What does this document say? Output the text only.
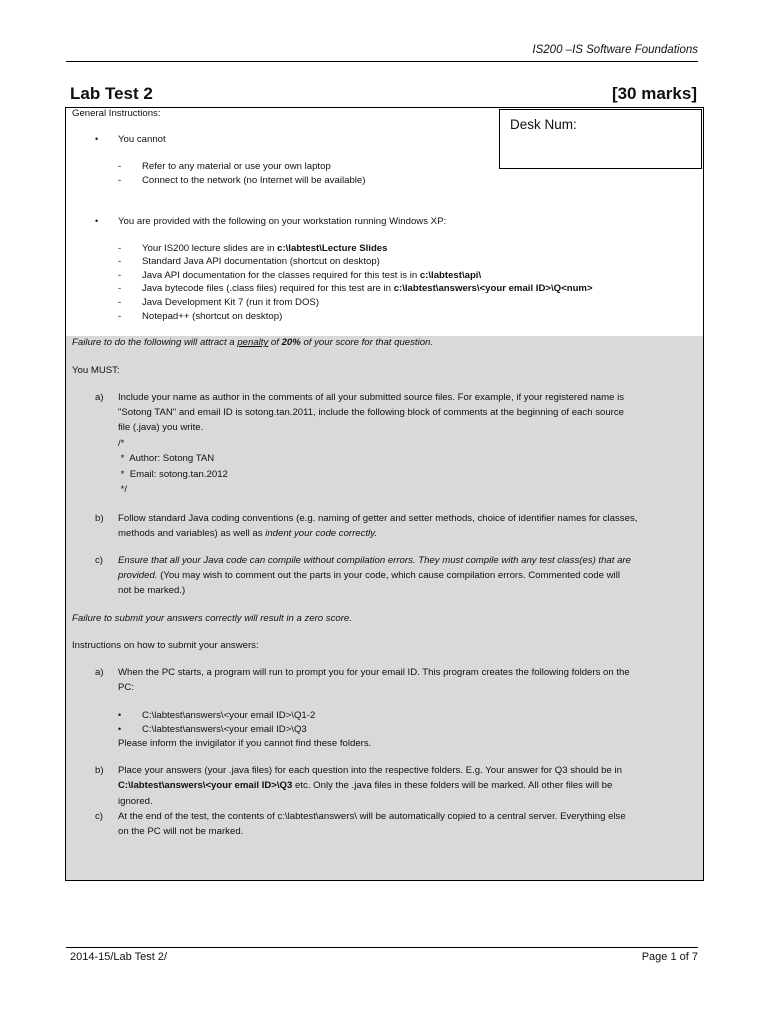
IS200 –IS Software Foundations
Lab Test 2	[30 marks]
Desk Num:
General Instructions:
• You cannot
- Refer to any material or use your own laptop
- Connect to the network (no Internet will be available)
• You are provided with the following on your workstation running Windows XP:
- Your IS200 lecture slides are in c:\labtest\Lecture Slides
- Standard Java API documentation (shortcut on desktop)
- Java API documentation for the classes required for this test is in c:\labtest\api\
- Java bytecode files (.class files) required for this test are in c:\labtest\answers\<your email ID>\Q<num>
- Java Development Kit 7 (run it from DOS)
- Notepad++ (shortcut on desktop)
Failure to do the following will attract a penalty of 20% of your score for that question.
You MUST:
a) Include your name as author in the comments of all your submitted source files. For example, if your registered name is
"Sotong TAN" and email ID is sotong.tan.2011, include the following block of comments at the beginning of each source
file (.java) you write.
/*
*  Author: Sotong TAN
*  Email: sotong.tan.2012
*/
b) Follow standard Java coding conventions (e.g. naming of getter and setter methods, choice of identifier names for classes,
methods and variables) as well as indent your code correctly.
c) Ensure that all your Java code can compile without compilation errors. They must compile with any test class(es) that are
provided. (You may wish to comment out the parts in your code, which cause compilation errors. Commented code will
not be marked.)
Failure to submit your answers correctly will result in a zero score.
Instructions on how to submit your answers:
a) When the PC starts, a program will run to prompt you for your email ID. This program creates the following folders on the
PC:
• C:\labtest\answers\<your email ID>\Q1-2
• C:\labtest\answers\<your email ID>\Q3
Please inform the invigilator if you cannot find these folders.
b) Place your answers (your .java files) for each question into the respective folders. E.g. Your answer for Q3 should be in
C:\labtest\answers\<your email ID>\Q3 etc. Only the .java files in these folders will be marked. All other files will be
ignored.
c) At the end of the test, the contents of c:\labtest\answers\ will be automatically copied to a central server. Everything else
on the PC will not be marked.
2014-15/Lab Test 2/	Page 1 of 7
